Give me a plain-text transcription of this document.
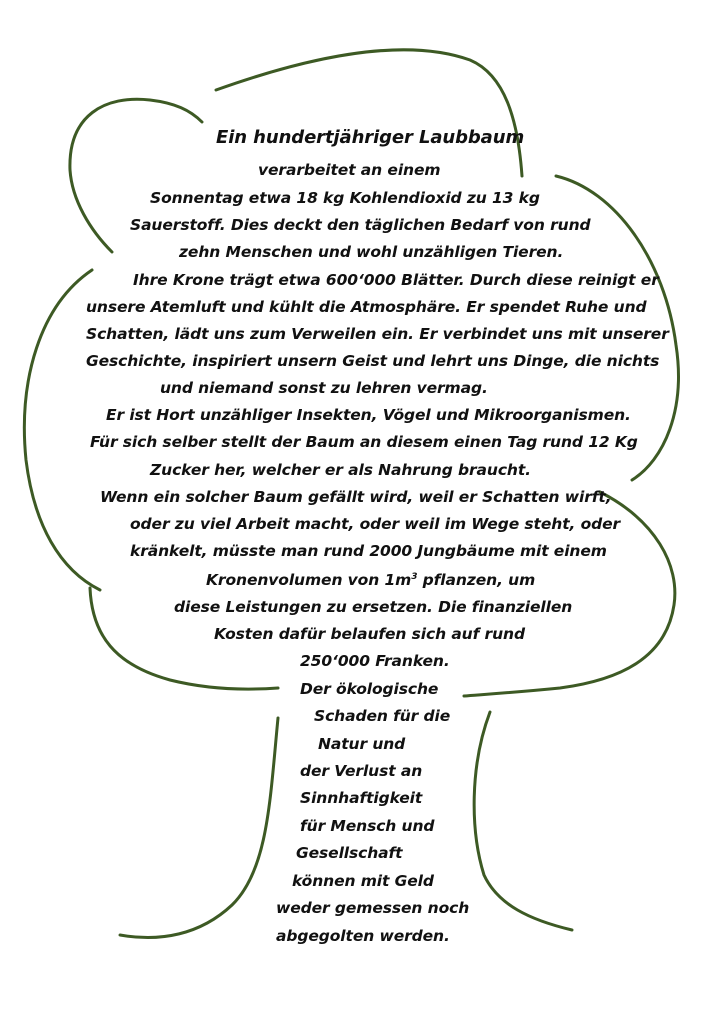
Ein hundertjähriger Laubbaum

verarbeitet an einem

Sonnentag etwa 18 kg Kohlendioxid zu 13 kg

Sauerstoff. Dies deckt den täglichen Bedarf von rund

zehn Menschen und wohl unzähligen Tieren.

Ihre Krone trägt etwa 600‘000 Blätter. Durch diese reinigt er

unsere Atemluft und kühlt die Atmosphäre. Er spendet Ruhe und

Schatten, lädt uns zum Verweilen ein. Er verbindet uns mit unserer

Geschichte, inspiriert unsern Geist und lehrt uns Dinge, die nichts

und niemand sonst zu lehren vermag.

Er ist Hort unzähliger Insekten, Vögel und Mikroorganismen.

Für sich selber stellt der Baum an diesem einen Tag rund 12 Kg

Zucker her, welcher er als Nahrung braucht.

Wenn ein solcher Baum gefällt wird, weil er Schatten wirft,

oder zu viel Arbeit macht, oder weil im Wege steht, oder

kränkelt, müsste man rund 2000 Jungbäume mit einem

Kronenvolumen von $1m^3$ pflanzen, um

diese Leistungen zu ersetzen. Die finanziellen

Kosten dafür belaufen sich auf rund

250‘000 Franken.

Der ökologische

Schaden für die

Natur und

der Verlust an

Sinnhaftigkeit

für Mensch und

Gesellschaft

können mit Geld

weder gemessen noch

abgegolten werden.
